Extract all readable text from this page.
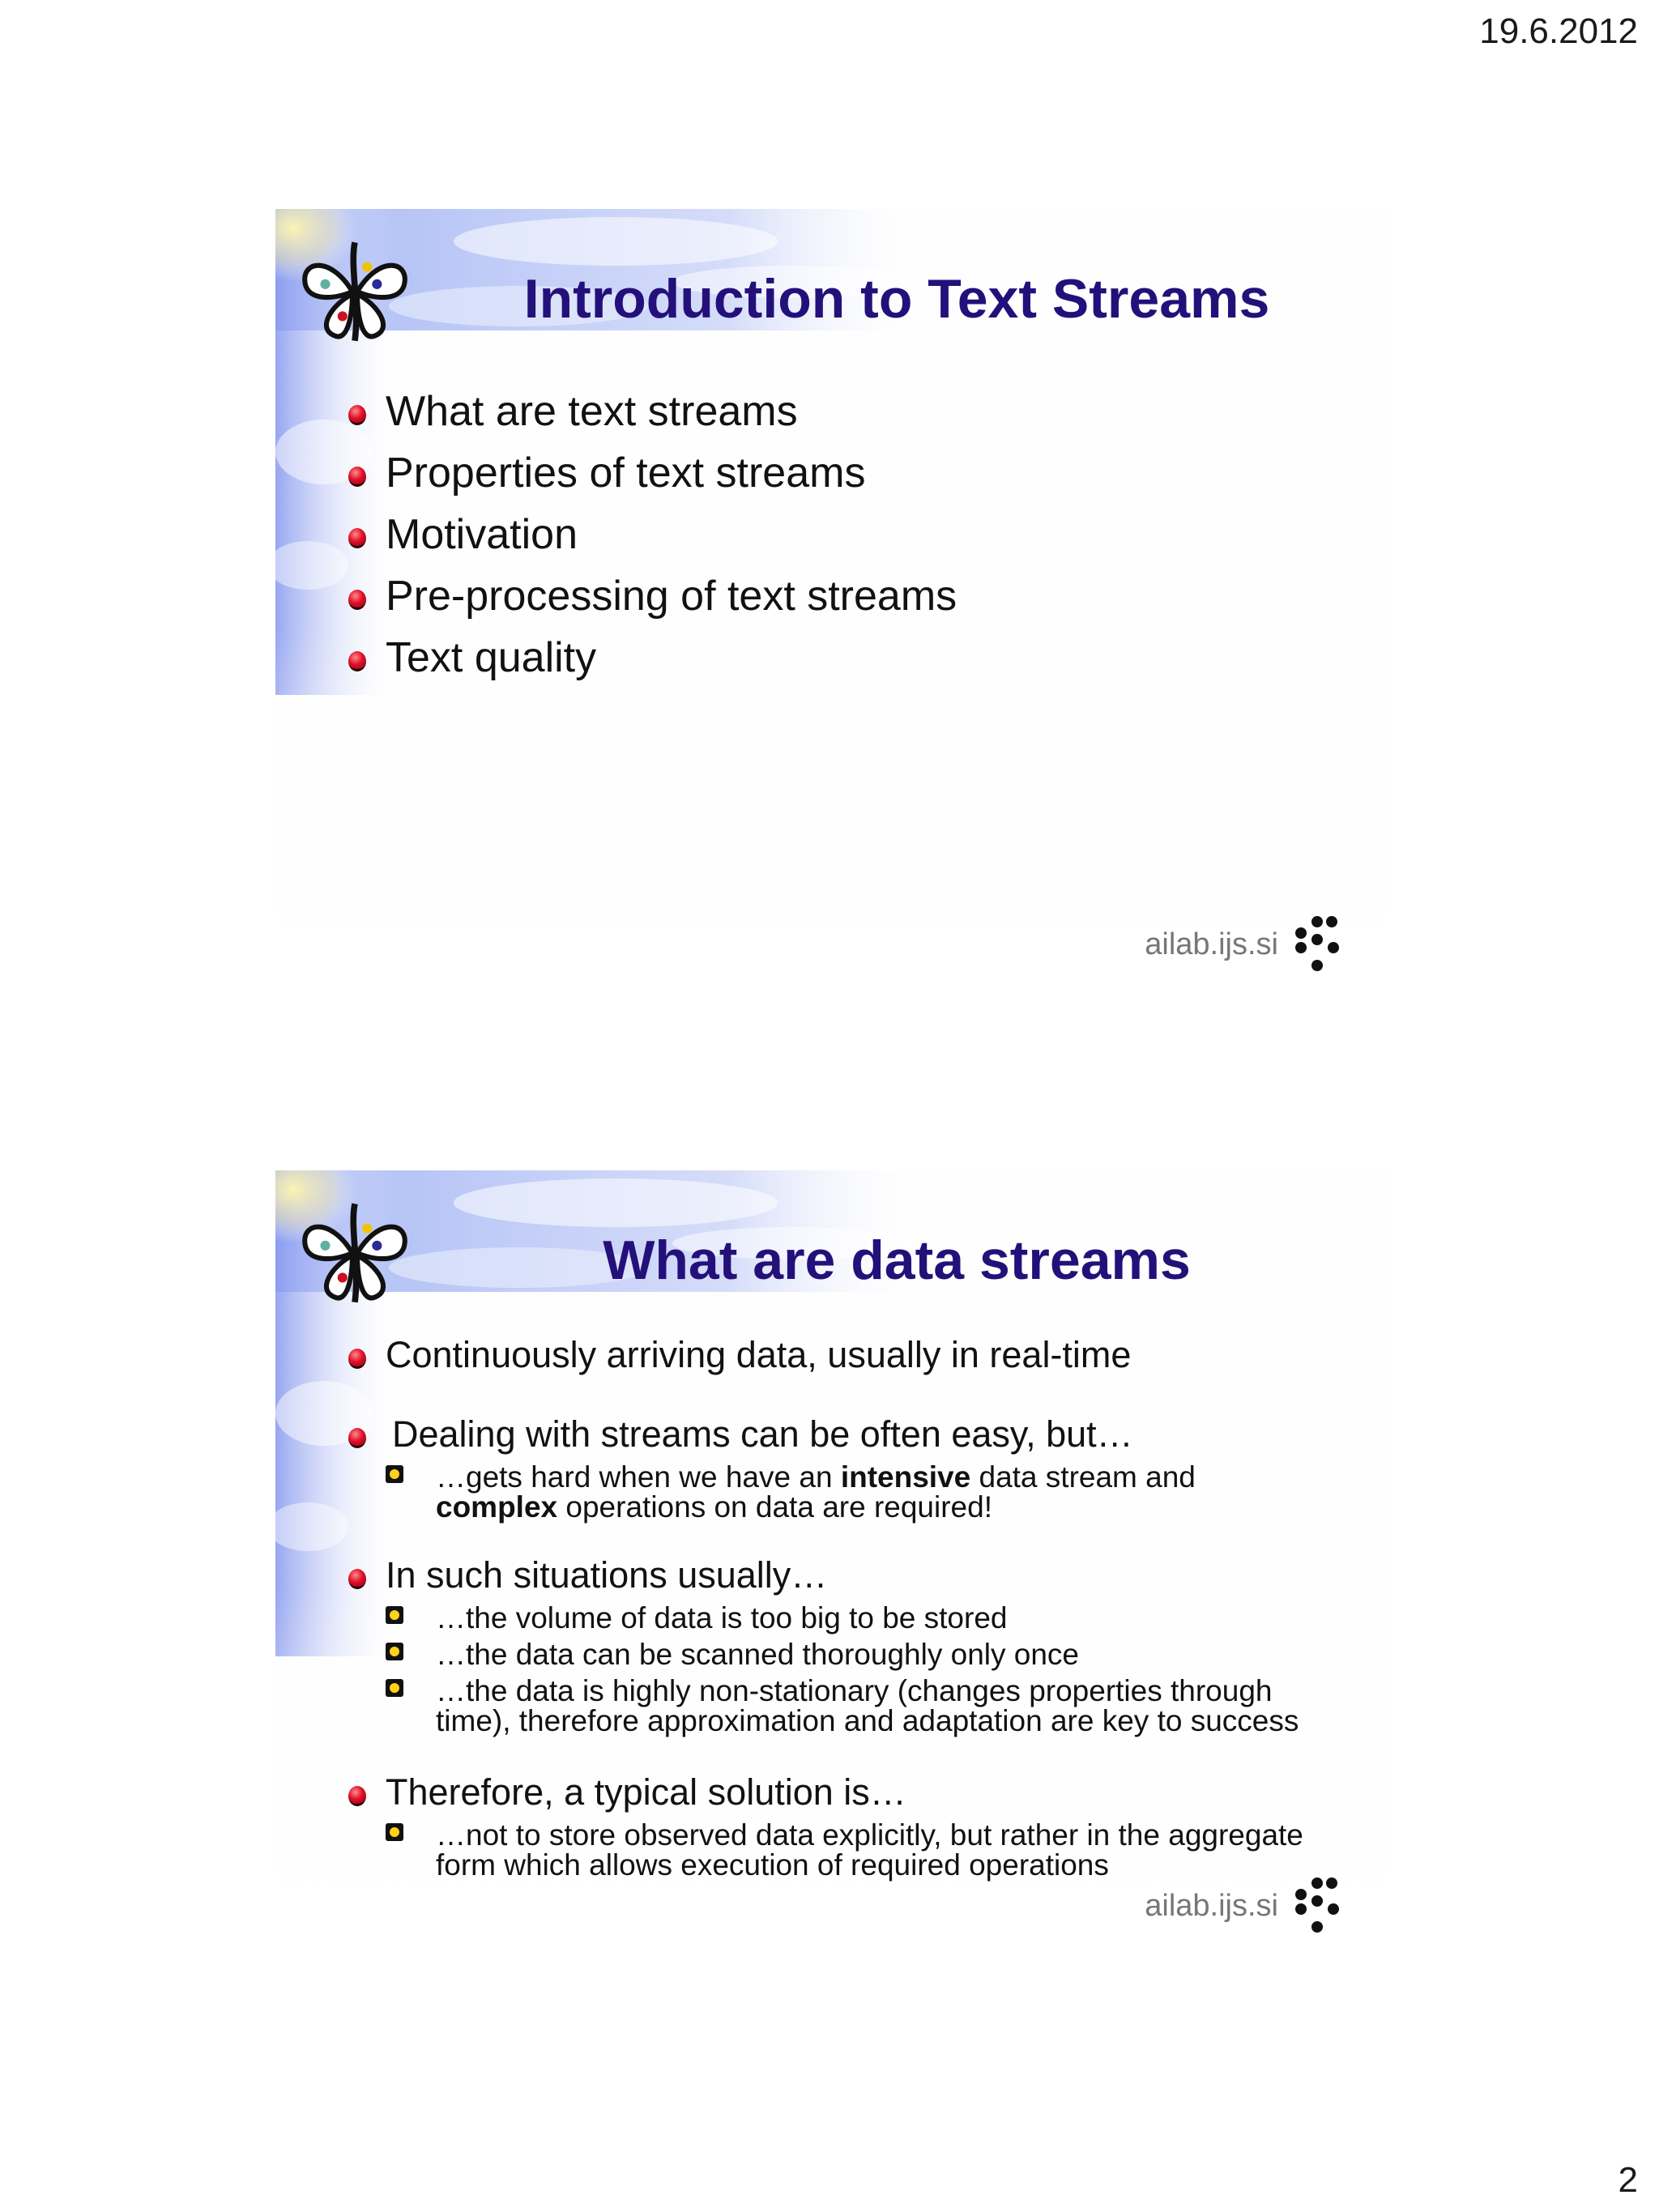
19.6.2012
Introduction to Text Streams
What are text streams
Properties of text streams
Motivation
Pre-processing of text streams
Text quality
ailab.ijs.si
What are data streams
Continuously arriving data, usually in real-time
Dealing with streams can be often easy, but…
…gets hard when we have an intensive data stream and
complex operations on data are required!
In such situations usually…
…the volume of data is too big to be stored
…the data can be scanned thoroughly only once
…the data is highly non-stationary (changes properties through time), therefore approximation and adaptation are key to success
Therefore, a typical solution is…
…not to store observed data explicitly, but rather in the aggregate form which allows execution of required operations
ailab.ijs.si
2
